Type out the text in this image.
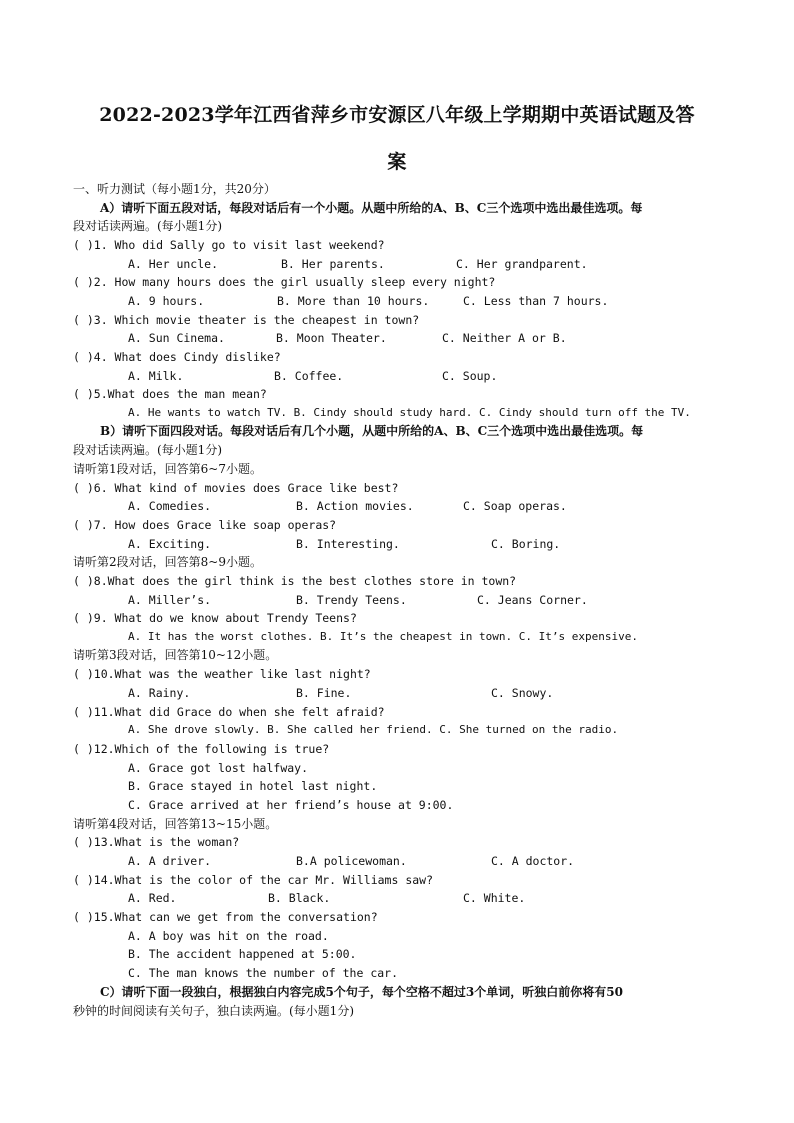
2022-2023学年江西省萍乡市安源区八年级上学期期中英语试题及答
案
一、听力测试（每小题1分，共20分）
A）请听下面五段对话，每段对话后有一个小题。从题中所给的A、B、C三个选项中选出最佳选项。每
段对话读两遍。(每小题1分)
( )1. Who did Sally go to visit last weekend?
A. Her uncle.	B. Her parents.	C. Her grandparent.
( )2. How many hours does the girl usually sleep every night?
A. 9 hours.	B. More than 10 hours.	C. Less than 7 hours.
( )3. Which movie theater is the cheapest in town?
A. Sun Cinema.	B. Moon Theater.	C. Neither A or B.
( )4. What does Cindy dislike?
A. Milk.	B. Coffee.	C. Soup.
( )5.What does the man mean?
A. He wants to watch TV. B. Cindy should study hard. C. Cindy should turn off the TV.
B）请听下面四段对话。每段对话后有几个小题，从题中所给的A、B、C三个选项中选出最佳选项。每
段对话读两遍。(每小题1分)
请听第1段对话，回答第6~7小题。
( )6. What kind of movies does Grace like best?
A. Comedies.	B. Action movies.	C. Soap operas.
( )7. How does Grace like soap operas?
A. Exciting.	B. Interesting.	C. Boring.
请听第2段对话，回答第8~9小题。
( )8.What does the girl think is the best clothes store in town?
A. Miller’s.	B. Trendy Teens.	C. Jeans Corner.
( )9. What do we know about Trendy Teens?
A. It has the worst clothes. B. It’s the cheapest in town. C. It’s expensive.
请听第3段对话，回答第10~12小题。
( )10.What was the weather like last night?
A. Rainy.	B. Fine.	C. Snowy.
( )11.What did Grace do when she felt afraid?
A. She drove slowly. B. She called her friend. C. She turned on the radio.
( )12.Which of the following is true?
A. Grace got lost halfway.
B. Grace stayed in hotel last night.
C. Grace arrived at her friend’s house at 9:00.
请听第4段对话，回答第13~15小题。
( )13.What is the woman?
A. A driver.	B.A policewoman.	C. A doctor.
( )14.What is the color of the car Mr. Williams saw?
A. Red.	B. Black.	C. White.
( )15.What can we get from the conversation?
A. A boy was hit on the road.
B. The accident happened at 5:00.
C. The man knows the number of the car.
C）请听下面一段独白，根据独白内容完成5个句子，每个空格不超过3个单词，听独白前你将有50
秒钟的时间阅读有关句子，独白读两遍。(每小题1分)
